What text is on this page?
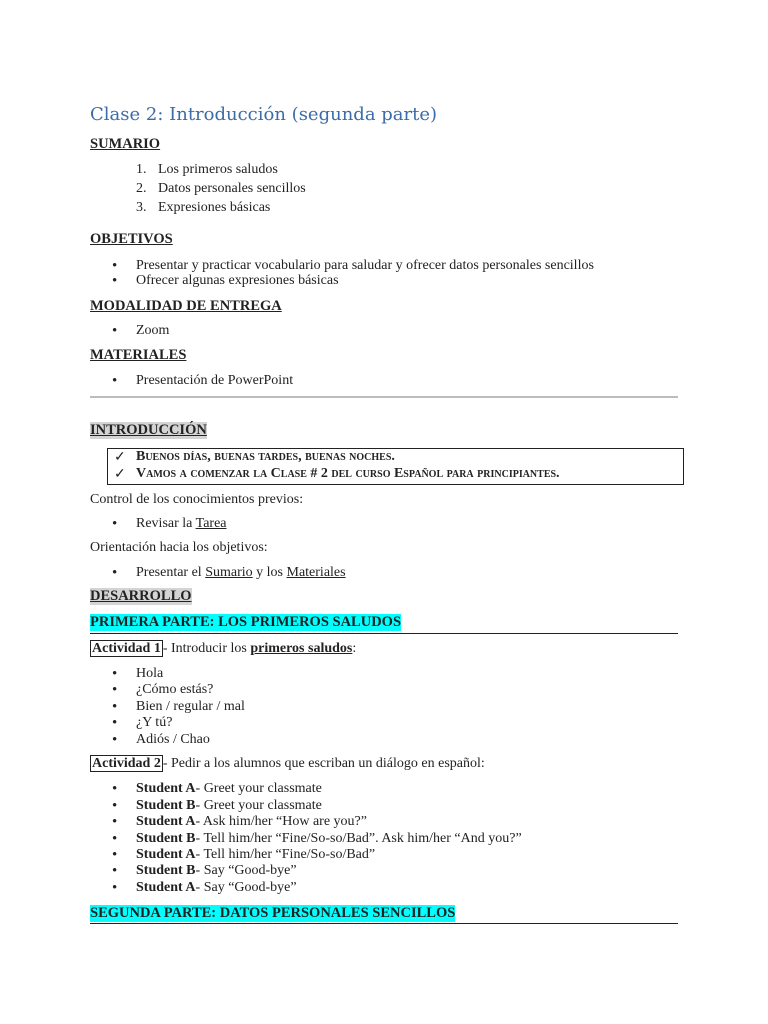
Clase 2: Introducción (segunda parte)
SUMARIO
1. Los primeros saludos
2. Datos personales sencillos
3. Expresiones básicas
OBJETIVOS
• Presentar y practicar vocabulario para saludar y ofrecer datos personales sencillos
• Ofrecer algunas expresiones básicas
MODALIDAD DE ENTREGA
• Zoom
MATERIALES
• Presentación de PowerPoint
INTRODUCCIÓN
✓ Buenos días, buenas tardes, buenas noches.
✓ Vamos a comenzar la Clase # 2 del curso Español para principiantes.
Control de los conocimientos previos:
• Revisar la Tarea
Orientación hacia los objetivos:
• Presentar el Sumario y los Materiales
DESARROLLO
PRIMERA PARTE: LOS PRIMEROS SALUDOS
Actividad 1 - Introducir los primeros saludos:
• Hola
• ¿Cómo estás?
• Bien / regular / mal
• ¿Y tú?
• Adiós / Chao
Actividad 2 - Pedir a los alumnos que escriban un diálogo en español:
• Student A- Greet your classmate
• Student B- Greet your classmate
• Student A- Ask him/her “How are you?”
• Student B- Tell him/her “Fine/So-so/Bad”. Ask him/her “And you?”
• Student A- Tell him/her “Fine/So-so/Bad”
• Student B- Say “Good-bye”
• Student A- Say “Good-bye”
SEGUNDA PARTE: DATOS PERSONALES SENCILLOS
